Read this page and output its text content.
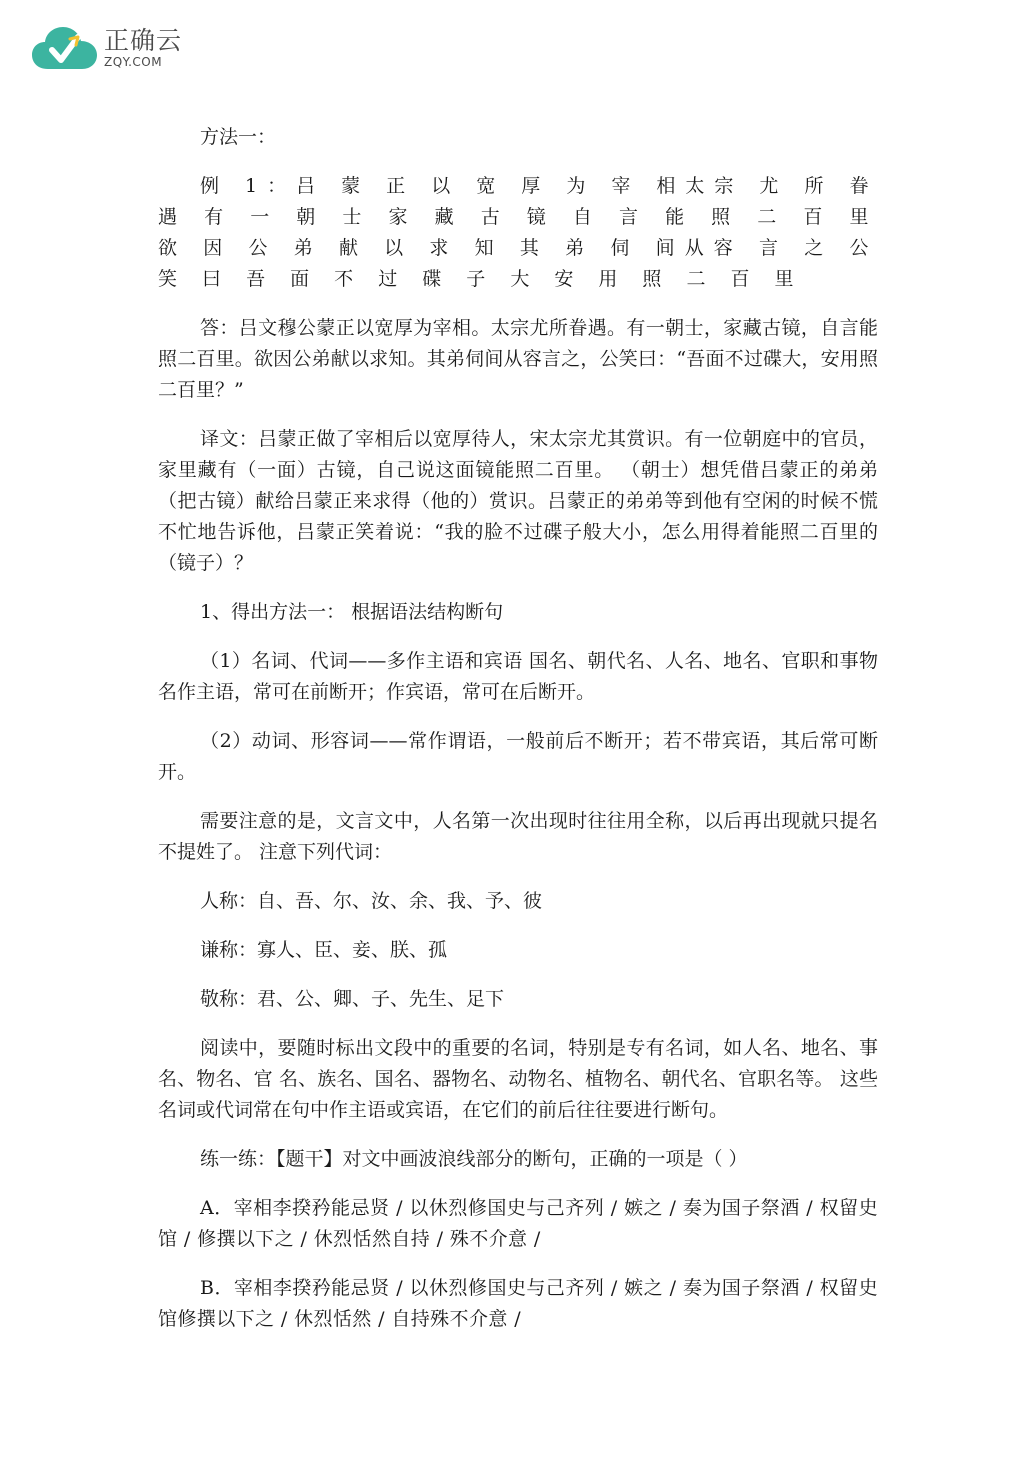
正确云
ZQY.COM

方法一：

例 1：吕 蒙 正 以 宽 厚 为 宰 相太宗 尤 所 眷 遇 有 一 朝 士 家 藏 古 镜 自 言 能 照 二 百 里 欲 因 公 弟 献 以 求 知 其 弟 伺 间从容 言 之 公 笑 曰 吾 面 不 过 碟 子 大 安 用 照 二 百 里

答：吕文穆公蒙正以宽厚为宰相。太宗尤所眷遇。有一朝士，家藏古镜，自言能照二百里。欲因公弟献以求知。其弟伺间从容言之，公笑曰：“吾面不过碟大，安用照二百里？”

译文：吕蒙正做了宰相后以宽厚待人，宋太宗尤其赏识。有一位朝庭中的官员，家里藏有（一面）古镜，自己说这面镜能照二百里。 （朝士）想凭借吕蒙正的弟弟（把古镜）献给吕蒙正来求得（他的）赏识。吕蒙正的弟弟等到他有空闲的时候不慌不忙地告诉他，吕蒙正笑着说：“我的脸不过碟子般大小，怎么用得着能照二百里的（镜子）？

1、得出方法一： 根据语法结构断句

（1）名词、代词——多作主语和宾语 国名、朝代名、人名、地名、官职和事物名作主语，常可在前断开；作宾语，常可在后断开。

（2）动词、形容词——常作谓语，一般前后不断开；若不带宾语，其后常可断开。

需要注意的是，文言文中，人名第一次出现时往往用全称，以后再出现就只提名不提姓了。 注意下列代词：

人称：自、吾、尔、汝、余、我、予、彼

谦称：寡人、臣、妾、朕、孤

敬称：君、公、卿、子、先生、足下

阅读中，要随时标出文段中的重要的名词，特别是专有名词，如人名、地名、事名、物名、官 名、族名、国名、器物名、动物名、植物名、朝代名、官职名等。 这些名词或代词常在句中作主语或宾语，在它们的前后往往要进行断句。

练一练：【题干】对文中画波浪线部分的断句，正确的一项是（ ）

A．宰相李揆矜能忌贤 / 以休烈修国史与己齐列 / 嫉之 / 奏为国子祭酒 / 权留史馆 / 修撰以下之 / 休烈恬然自持 / 殊不介意 /

B．宰相李揆矜能忌贤 / 以休烈修国史与己齐列 / 嫉之 / 奏为国子祭酒 / 权留史馆修撰以下之 / 休烈恬然 / 自持殊不介意 /
